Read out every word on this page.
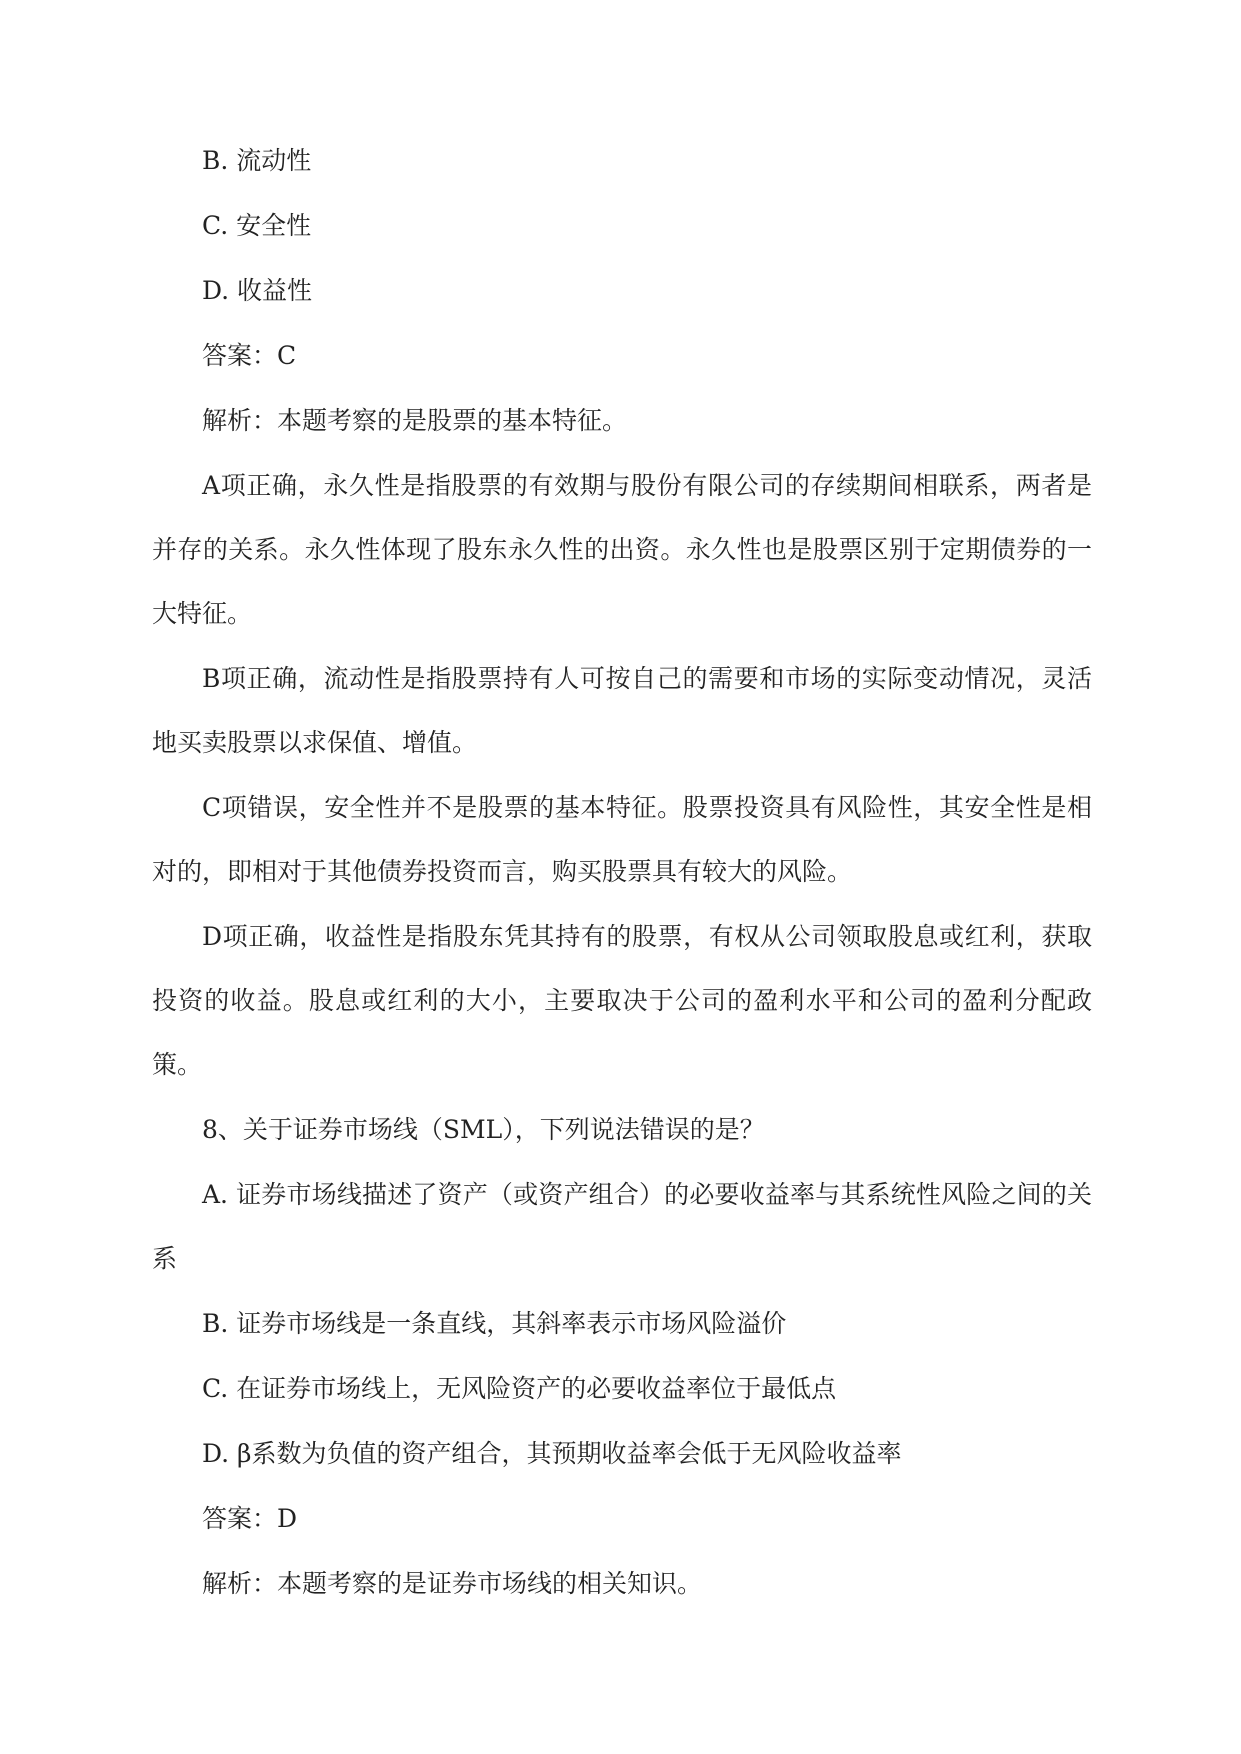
B. 流动性

C. 安全性

D. 收益性

答案：C

解析：本题考察的是股票的基本特征。

A项正确，永久性是指股票的有效期与股份有限公司的存续期间相联系，两者是并存的关系。永久性体现了股东永久性的出资。永久性也是股票区别于定期债券的一大特征。

B项正确，流动性是指股票持有人可按自己的需要和市场的实际变动情况，灵活地买卖股票以求保值、增值。

C项错误，安全性并不是股票的基本特征。股票投资具有风险性，其安全性是相对的，即相对于其他债券投资而言，购买股票具有较大的风险。

D项正确，收益性是指股东凭其持有的股票，有权从公司领取股息或红利，获取投资的收益。股息或红利的大小，主要取决于公司的盈利水平和公司的盈利分配政策。

8、关于证券市场线（SML），下列说法错误的是？

A. 证券市场线描述了资产（或资产组合）的必要收益率与其系统性风险之间的关系

B. 证券市场线是一条直线，其斜率表示市场风险溢价

C. 在证券市场线上，无风险资产的必要收益率位于最低点

D. β系数为负值的资产组合，其预期收益率会低于无风险收益率

答案：D

解析：本题考察的是证券市场线的相关知识。
